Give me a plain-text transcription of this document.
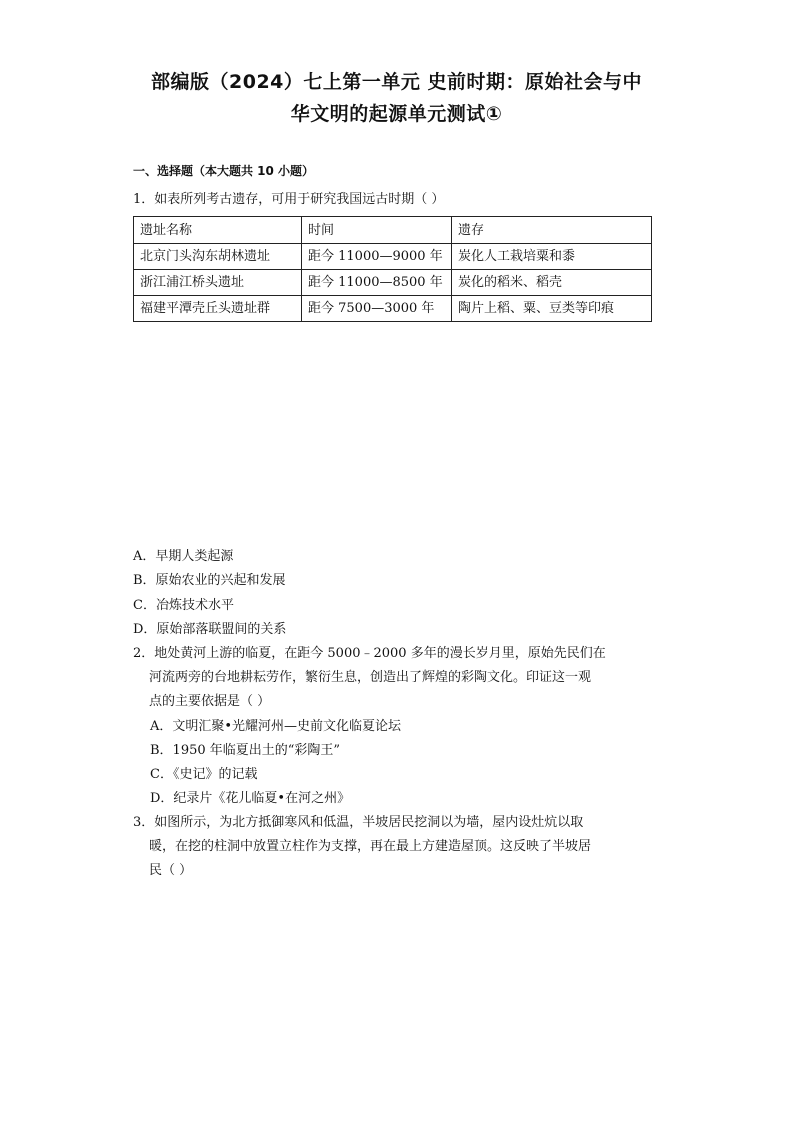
部编版（2024）七上第一单元 史前时期：原始社会与中
华文明的起源单元测试①
一、选择题（本大题共 10 小题）
1．如表所列考古遗存，可用于研究我国远古时期（ ）
遗址名称	时间	遗存
北京门头沟东胡林遗址	距今 11000—9000 年	炭化人工栽培粟和黍
浙江浦江桥头遗址	距今 11000—8500 年	炭化的稻米、稻壳
福建平潭壳丘头遗址群	距今 7500—3000 年	陶片上稻、粟、豆类等印痕
A．早期人类起源
B．原始农业的兴起和发展
C．冶炼技术水平
D．原始部落联盟间的关系
2．地处黄河上游的临夏，在距今 5000﹣2000 多年的漫长岁月里，原始先民们在
河流两旁的台地耕耘劳作，繁衍生息，创造出了辉煌的彩陶文化。印证这一观
点的主要依据是（ ）
A．文明汇聚•光耀河州—史前文化临夏论坛
B．1950 年临夏出土的“彩陶王”
C．《史记》的记载
D．纪录片《花儿临夏•在河之州》
3．如图所示，为北方抵御寒风和低温，半坡居民挖洞以为墙，屋内设灶炕以取
暖，在挖的柱洞中放置立柱作为支撑，再在最上方建造屋顶。这反映了半坡居
民（ ）
